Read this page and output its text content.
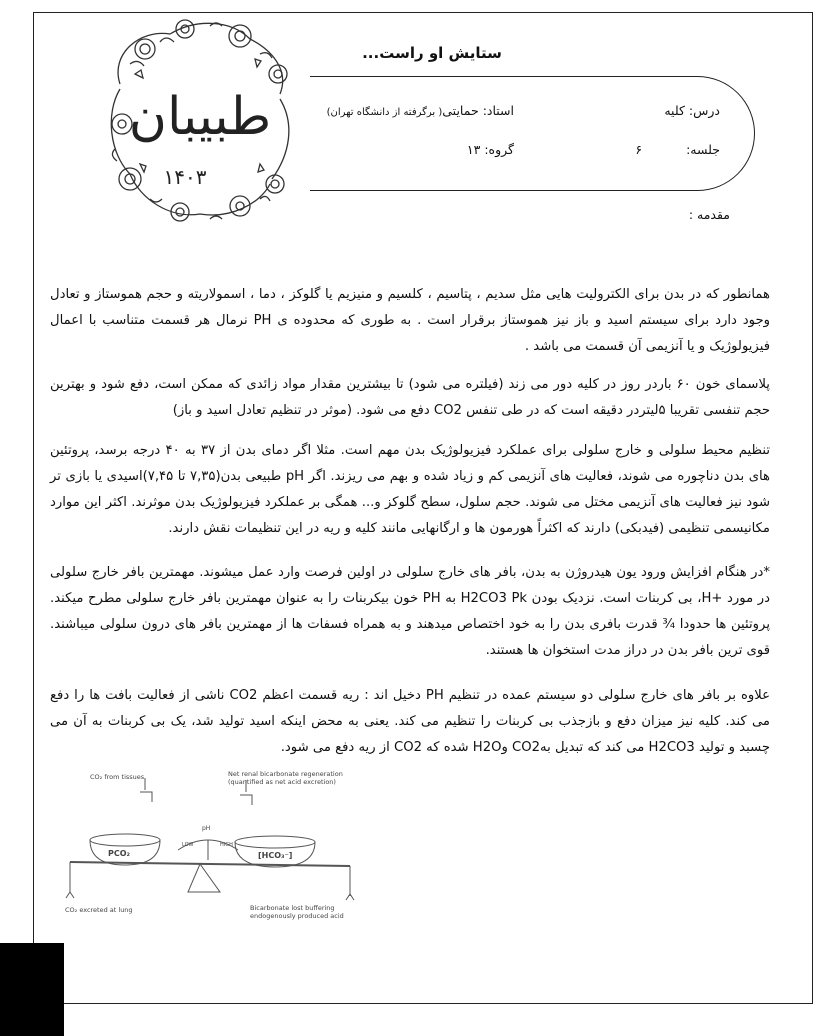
طبیبان
۱۴۰۳
ستایش او راست...
درس: کلیه
استاد: حمایتی( برگرفته از دانشگاه تهران)
جلسه: ۶
گروه: ۱۳
مقدمه :

همانطور که در بدن برای الکترولیت هایی مثل سدیم ، پتاسیم ، کلسیم و منیزیم یا گلوکز ، دما ، اسمولاریته و حجم هموستاز و تعادل وجود دارد برای سیستم اسید و باز نیز هموستاز برقرار است . به طوری که محدوده ی PH نرمال هر قسمت متناسب با اعمال فیزیولوژیک و یا آنزیمی آن قسمت می باشد .

پلاسمای خون ۶۰ باردر روز در کلیه دور می زند (فیلتره می شود) تا بیشترین مقدار مواد زائدی که ممکن است، دفع شود و بهترین حجم تنفسی تقریبا ۵لیتردر دقیقه است که در طی تنفس CO2 دفع می شود. (موثر در تنظیم تعادل اسید و باز)

تنظیم محیط سلولی و خارج سلولی برای عملکرد فیزیولوژیک بدن مهم است. مثلا اگر دمای بدن از ۳۷ به ۴۰ درجه برسد، پروتئین های بدن دناچوره می شوند، فعالیت های آنزیمی کم و زیاد شده و بهم می ریزند. اگر pH طبیعی بدن(۷,۳۵ تا ۷,۴۵)اسیدی یا بازی تر شود نیز فعالیت های آنزیمی مختل می شوند. حجم سلول، سطح گلوکز و... همگی بر عملکرد فیزیولوژیک بدن موثرند. اکثر این موارد مکانیسمی تنظیمی (فیدبکی) دارند که اکثراً هورمون ها و ارگانهایی مانند کلیه و ریه در این تنظیمات نقش دارند.

*در هنگام افزایش ورود یون هیدروژن به بدن، بافر های خارج سلولی در اولین فرصت وارد عمل میشوند. مهمترین بافر خارج سلولی در مورد +H، بی کربنات است. نزدیک بودن H2CO3 Pk به PH خون بیکربنات را به عنوان مهمترین بافر خارج سلولی مطرح میکند. پروتئین ها حدودا ¾ قدرت بافری بدن را به خود اختصاص میدهند و به همراه فسفات ها از مهمترین بافر های درون سلولی میباشند. قوی ترین بافر بدن در دراز مدت استخوان ها هستند.

علاوه بر بافر های خارج سلولی دو سیستم عمده در تنظیم PH دخیل اند : ریه قسمت اعظم CO2 ناشی از فعالیت بافت ها را دفع می کند. کلیه نیز میزان دفع و بازجذب بی کربنات را تنظیم می کند. یعنی به محض اینکه اسید تولید شد، یک بی کربنات به آن می چسبد و تولید H2CO3 می کند که تبدیل بهCO2 وH2O شده که CO2 از ریه دفع می شود.

CO₂ from tissues	Net renal bicarbonate regeneration
(quantified as net acid excretion)
PCO₂	[HCO₃⁻]
pH
LOW	HIGH
CO₂ excreted at lung	Bicarbonate lost buffering
endogenously produced acid
